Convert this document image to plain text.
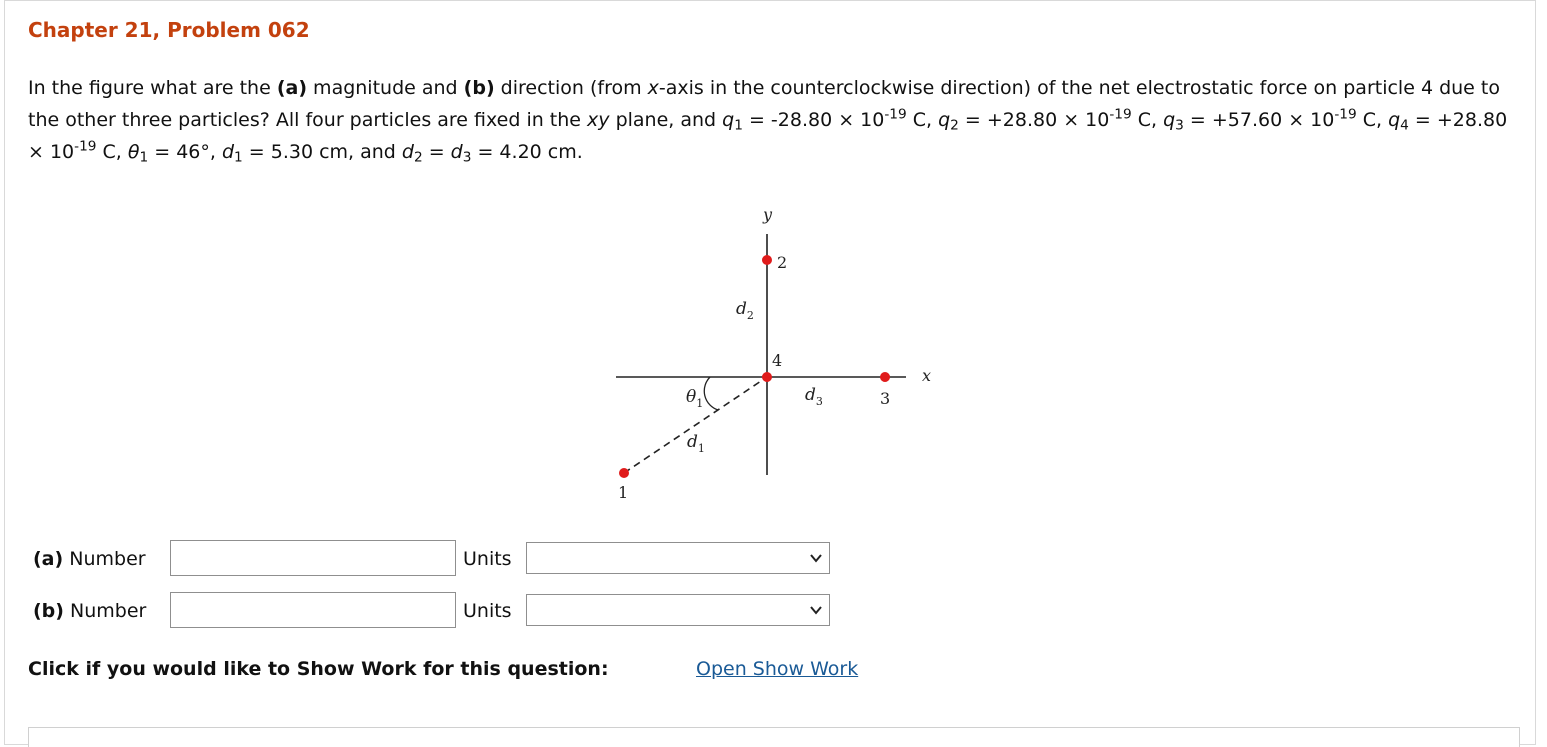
Chapter 21, Problem 062

In the figure what are the (a) magnitude and (b) direction (from x-axis in the counterclockwise direction) of the net electrostatic force on particle 4 due to the other three particles? All four particles are fixed in the xy plane, and $q_1 = -28.80 \times 10^{-19}$ C, $q_2 = +28.80 \times 10^{-19}$ C, $q_3 = +57.60 \times 10^{-19}$ C, $q_4 = +28.80 \times 10^{-19}$ C, $\theta_1 = 46^\circ$, $d_1 = 5.30$ cm, and $d_2 = d_3 = 4.20$ cm.

y
x
1
2
3
4
$d_2$
$d_3$
$d_1$
$\theta_1$
(a) Number	Units
(b) Number	Units
Click if you would like to Show Work for this question:	Open Show Work
